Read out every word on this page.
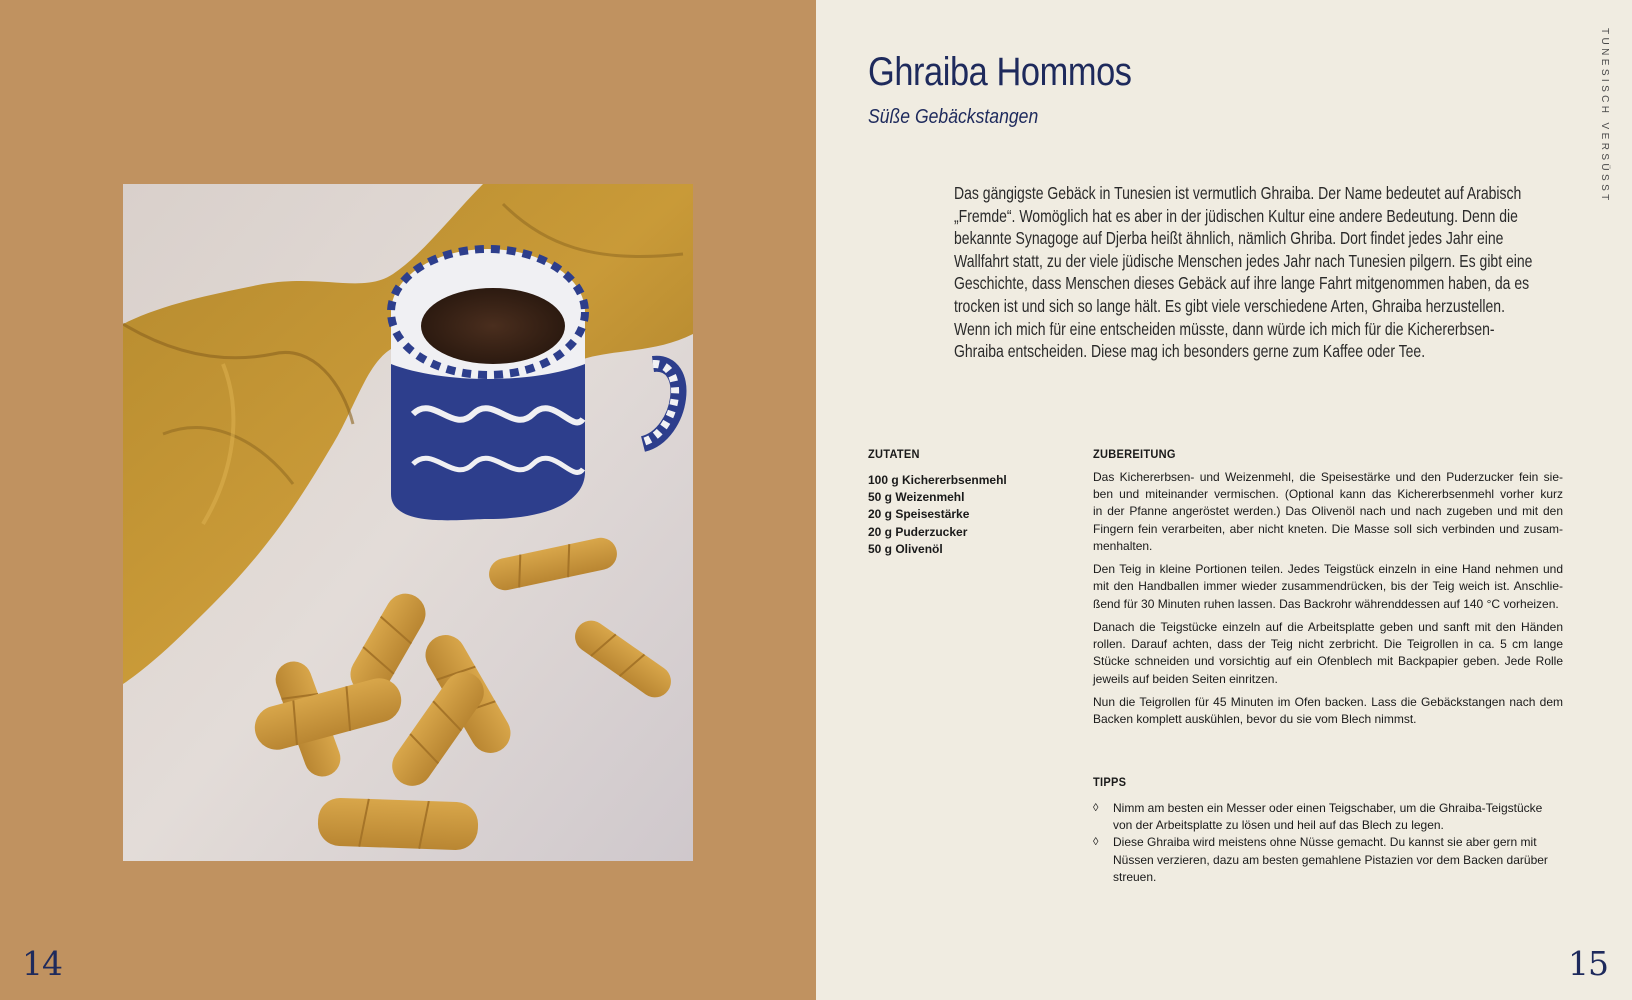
14
TUNESISCH VERSÜSST
Ghraiba Hommos
Süße Gebäckstangen
Das gängigste Gebäck in Tunesien ist vermutlich Ghraiba. Der Name bedeutet auf Arabisch
„Fremde“. Womöglich hat es aber in der jüdischen Kultur eine andere Bedeutung. Denn die
bekannte Synagoge auf Djerba heißt ähnlich, nämlich Ghriba. Dort findet jedes Jahr eine
Wallfahrt statt, zu der viele jüdische Menschen jedes Jahr nach Tunesien pilgern. Es gibt eine
Geschichte, dass Menschen dieses Gebäck auf ihre lange Fahrt mitgenommen haben, da es
trocken ist und sich so lange hält. Es gibt viele verschiedene Arten, Ghraiba herzustellen.
Wenn ich mich für eine entscheiden müsste, dann würde ich mich für die Kichererbsen-
Ghraiba entscheiden. Diese mag ich besonders gerne zum Kaffee oder Tee.
ZUTATEN
100 g Kichererbsenmehl
50 g Weizenmehl
20 g Speisestärke
20 g Puderzucker
50 g Olivenöl
ZUBEREITUNG

Das Kichererbsen- und Weizenmehl, die Speisestärke und den Puderzucker fein sie-
ben und miteinander vermischen. (Optional kann das Kichererbsenmehl vorher kurz
in der Pfanne angeröstet werden.) Das Olivenöl nach und nach zugeben und mit den
Fingern fein verarbeiten, aber nicht kneten. Die Masse soll sich verbinden und zusam-
menhalten.

Den Teig in kleine Portionen teilen. Jedes Teigstück einzeln in eine Hand nehmen und
mit den Handballen immer wieder zusammendrücken, bis der Teig weich ist. Anschlie-
ßend für 30 Minuten ruhen lassen. Das Backrohr währenddessen auf 140 °C vorheizen.

Danach die Teigstücke einzeln auf die Arbeitsplatte geben und sanft mit den Händen
rollen. Darauf achten, dass der Teig nicht zerbricht. Die Teigrollen in ca. 5 cm lange
Stücke schneiden und vorsichtig auf ein Ofenblech mit Backpapier geben. Jede Rolle
jeweils auf beiden Seiten einritzen.

Nun die Teigrollen für 45 Minuten im Ofen backen. Lass die Gebäckstangen nach dem
Backen komplett auskühlen, bevor du sie vom Blech nimmst.

TIPPS
◊ Nimm am besten ein Messer oder einen Teigschaber, um die Ghraiba-Teigstücke
von der Arbeitsplatte zu lösen und heil auf das Blech zu legen.
◊ Diese Ghraiba wird meistens ohne Nüsse gemacht. Du kannst sie aber gern mit
Nüssen verzieren, dazu am besten gemahlene Pistazien vor dem Backen darüber
streuen.
15
